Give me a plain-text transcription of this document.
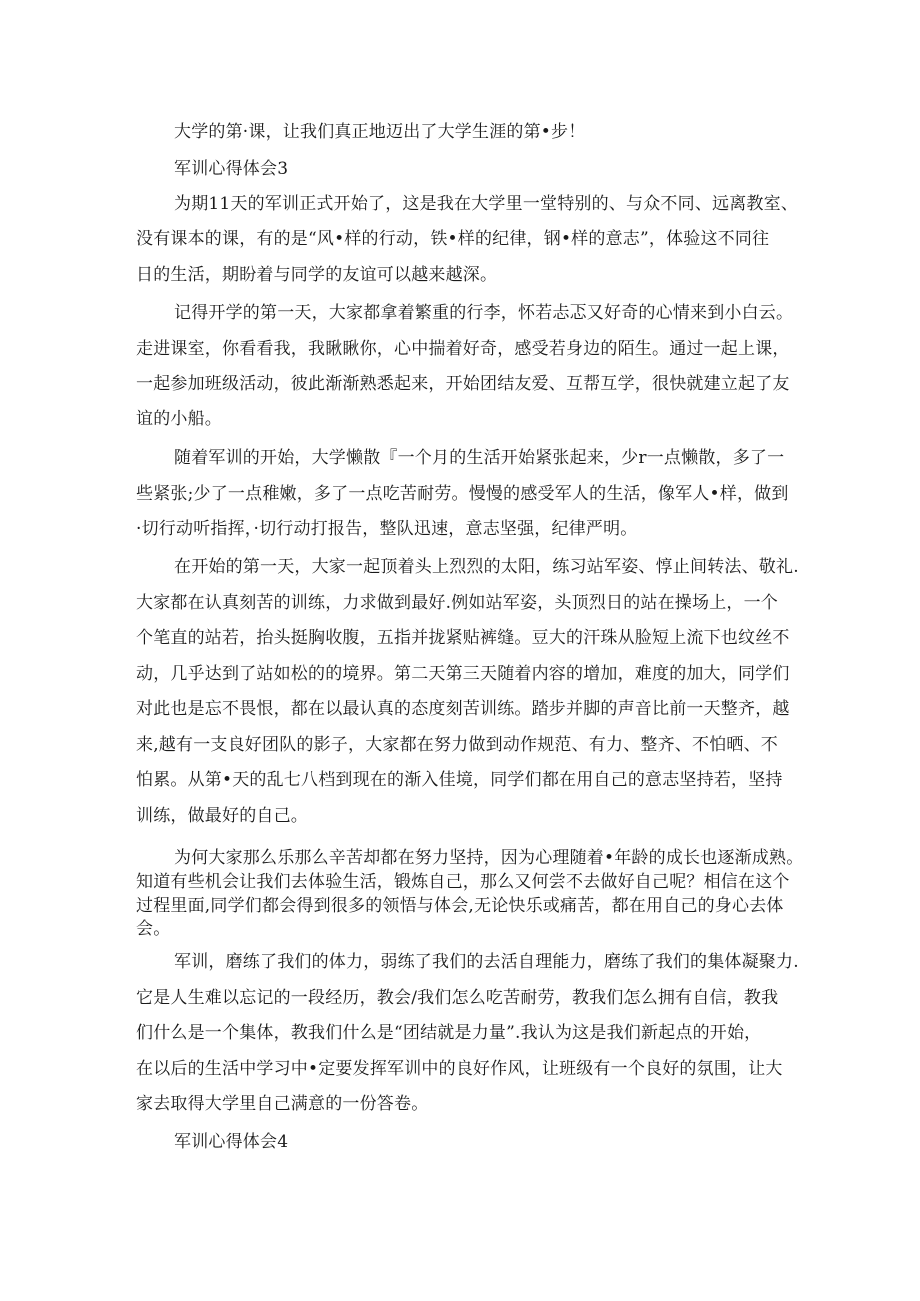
大学的第·课，让我们真正地迈出了大学生涯的第•步！
军训心得体会3
为期11天的军训正式开始了，这是我在大学里一堂特别的、与众不同、远离教室、
没有课本的课，有的是“风•样的行动，铁•样的纪律，钢•样的意志”，体验这不同往
日的生活，期盼着与同学的友谊可以越来越深。
记得开学的第一天，大家都拿着繁重的行李，怀若忐忑又好奇的心情来到小白云。
走进课室，你看看我，我瞅瞅你，心中揣着好奇，感受若身边的陌生。通过一起上课，
一起参加班级活动，彼此渐渐熟悉起来，开始团结友爱、互帮互学，很快就建立起了友
谊的小船。
随着军训的开始，大学懒散『一个月的生活开始紧张起来，少r一点懒散，多了一
些紧张;少了一点稚嫩，多了一点吃苦耐劳。慢慢的感受军人的生活，像军人•样，做到
·切行动听指挥，·切行动打报告，整队迅速，意志坚强，纪律严明。
在开始的第一天，大家一起顶着头上烈烈的太阳，练习站军姿、惇止间转法、敬礼.
大家都在认真刻苦的训练，力求做到最好.例如站军姿，头顶烈日的站在操场上，一个
个笔直的站若，抬头挺胸收腹，五指并拢紧贴裤缝。豆大的汗珠从脸短上流下也纹丝不
动，几乎达到了站如松的的境界。第二天第三天随着内容的增加，难度的加大，同学们
对此也是忘不畏恨，都在以最认真的态度刻苦训练。踏步并脚的声音比前一天整齐，越
来,越有一支良好团队的影子，大家都在努力做到动作规范、有力、整齐、不怕晒、不
怕累。从第•天的乱七八档到现在的渐入佳境，同学们都在用自己的意志坚持若，坚持
训练，做最好的自己。
为何大家那么乐那么辛苦却都在努力坚持，因为心理随着•年龄的成长也逐渐成熟。
知道有些机会让我们去体验生活，锻炼自己，那么又何尝不去做好自己呢？相信在这个
过程里面,同学们都会得到很多的领悟与体会,无论快乐或痛苦，都在用自己的身心去体
会。
军训，磨练了我们的体力，弱练了我们的去活自理能力，磨练了我们的集体凝聚力.
它是人生难以忘记的一段经历，教会/我们怎么吃苦耐劳，教我们怎么拥有自信，教我
们什么是一个集体，教我们什么是“团结就是力量”.我认为这是我们新起点的开始，
在以后的生活中学习中•定要发挥军训中的良好作风，让班级有一个良好的氛围，让大
家去取得大学里自己满意的一份答卷。
军训心得体会4
